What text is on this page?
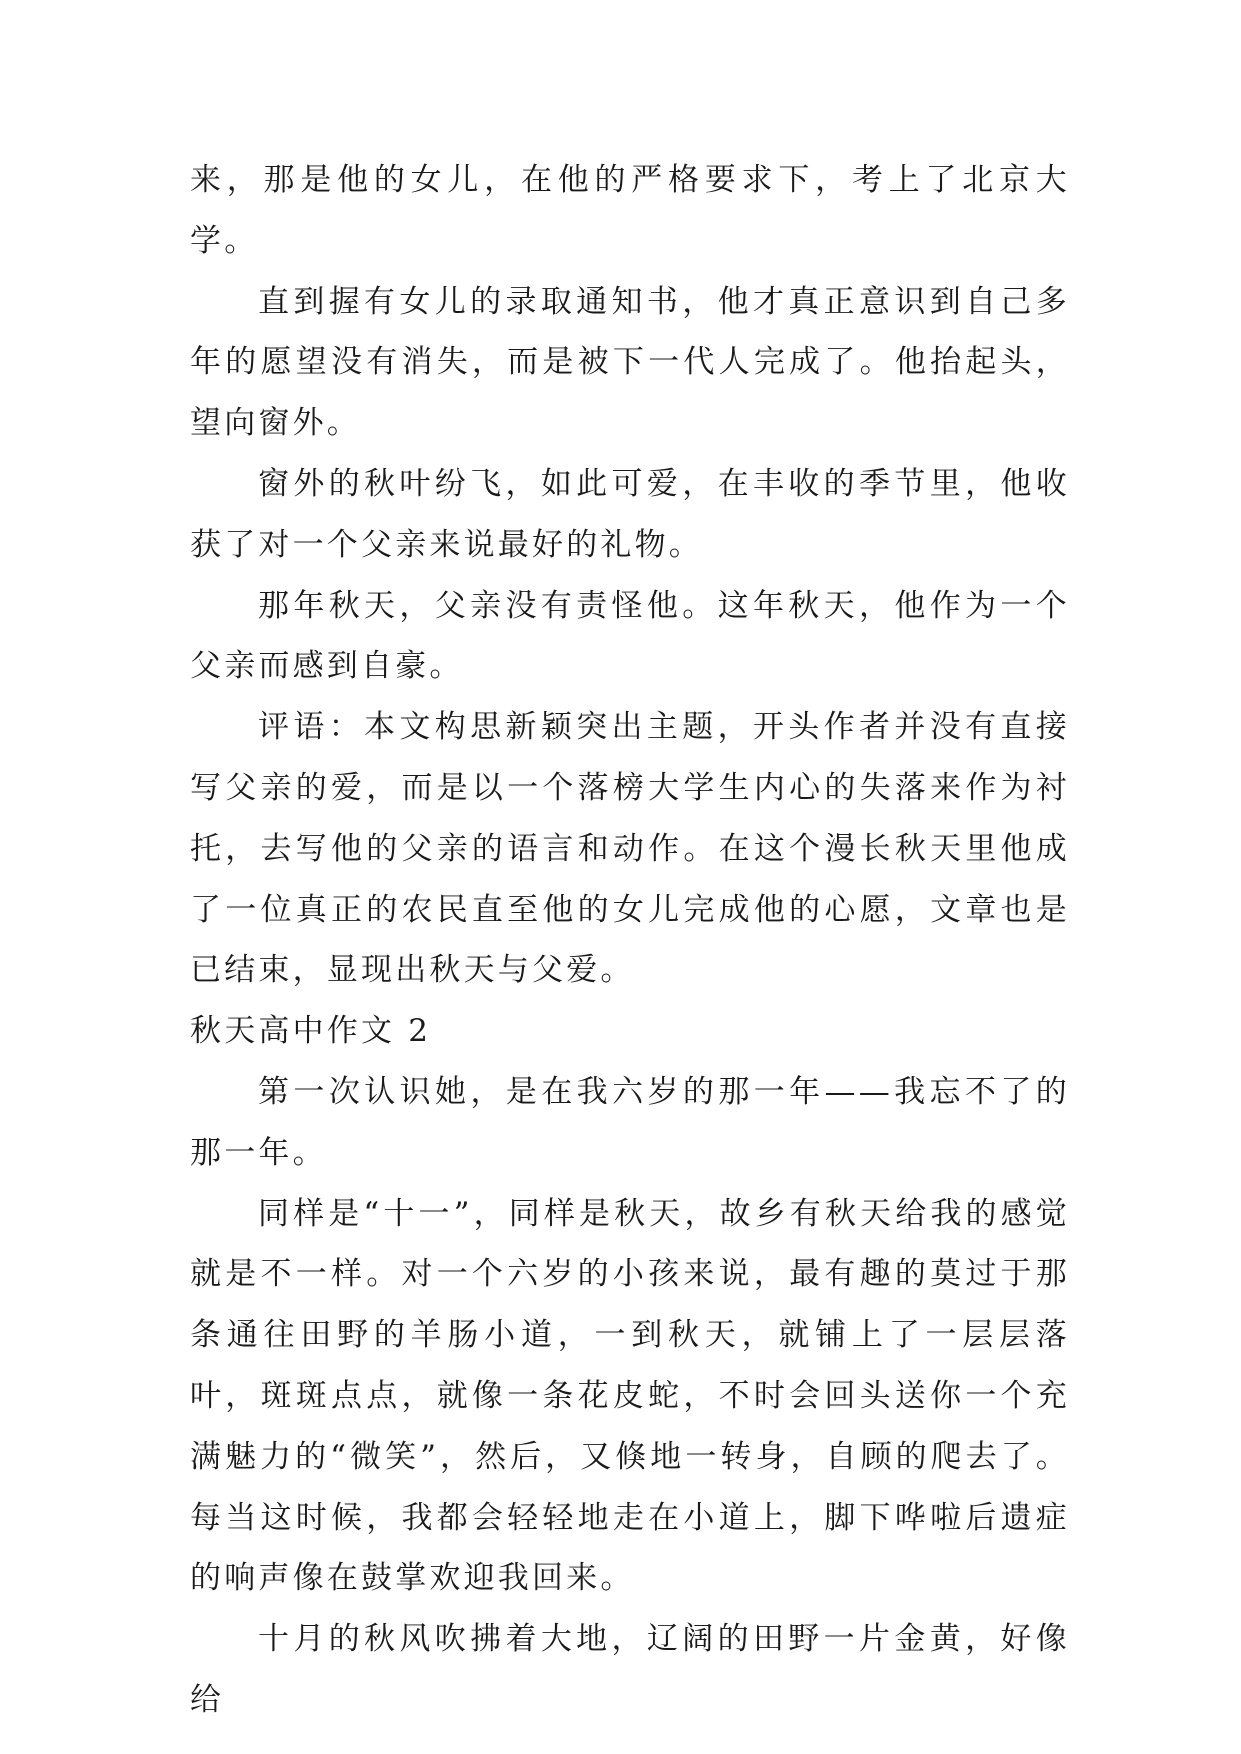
来，那是他的女儿，在他的严格要求下，考上了北京大学。

直到握有女儿的录取通知书，他才真正意识到自己多年的愿望没有消失，而是被下一代人完成了。他抬起头，望向窗外。

窗外的秋叶纷飞，如此可爱，在丰收的季节里，他收获了对一个父亲来说最好的礼物。

那年秋天，父亲没有责怪他。这年秋天，他作为一个父亲而感到自豪。

评语：本文构思新颖突出主题，开头作者并没有直接写父亲的爱，而是以一个落榜大学生内心的失落来作为衬托，去写他的父亲的语言和动作。在这个漫长秋天里他成了一位真正的农民直至他的女儿完成他的心愿，文章也是已结束，显现出秋天与父爱。

秋天高中作文 2

第一次认识她，是在我六岁的那一年——我忘不了的那一年。

同样是“十一”，同样是秋天，故乡有秋天给我的感觉就是不一样。对一个六岁的小孩来说，最有趣的莫过于那条通往田野的羊肠小道，一到秋天，就铺上了一层层落叶，斑斑点点，就像一条花皮蛇，不时会回头送你一个充满魅力的“微笑”，然后，又倏地一转身，自顾的爬去了。每当这时候，我都会轻轻地走在小道上，脚下哗啦后遗症的响声像在鼓掌欢迎我回来。

十月的秋风吹拂着大地，辽阔的田野一片金黄，好像给
